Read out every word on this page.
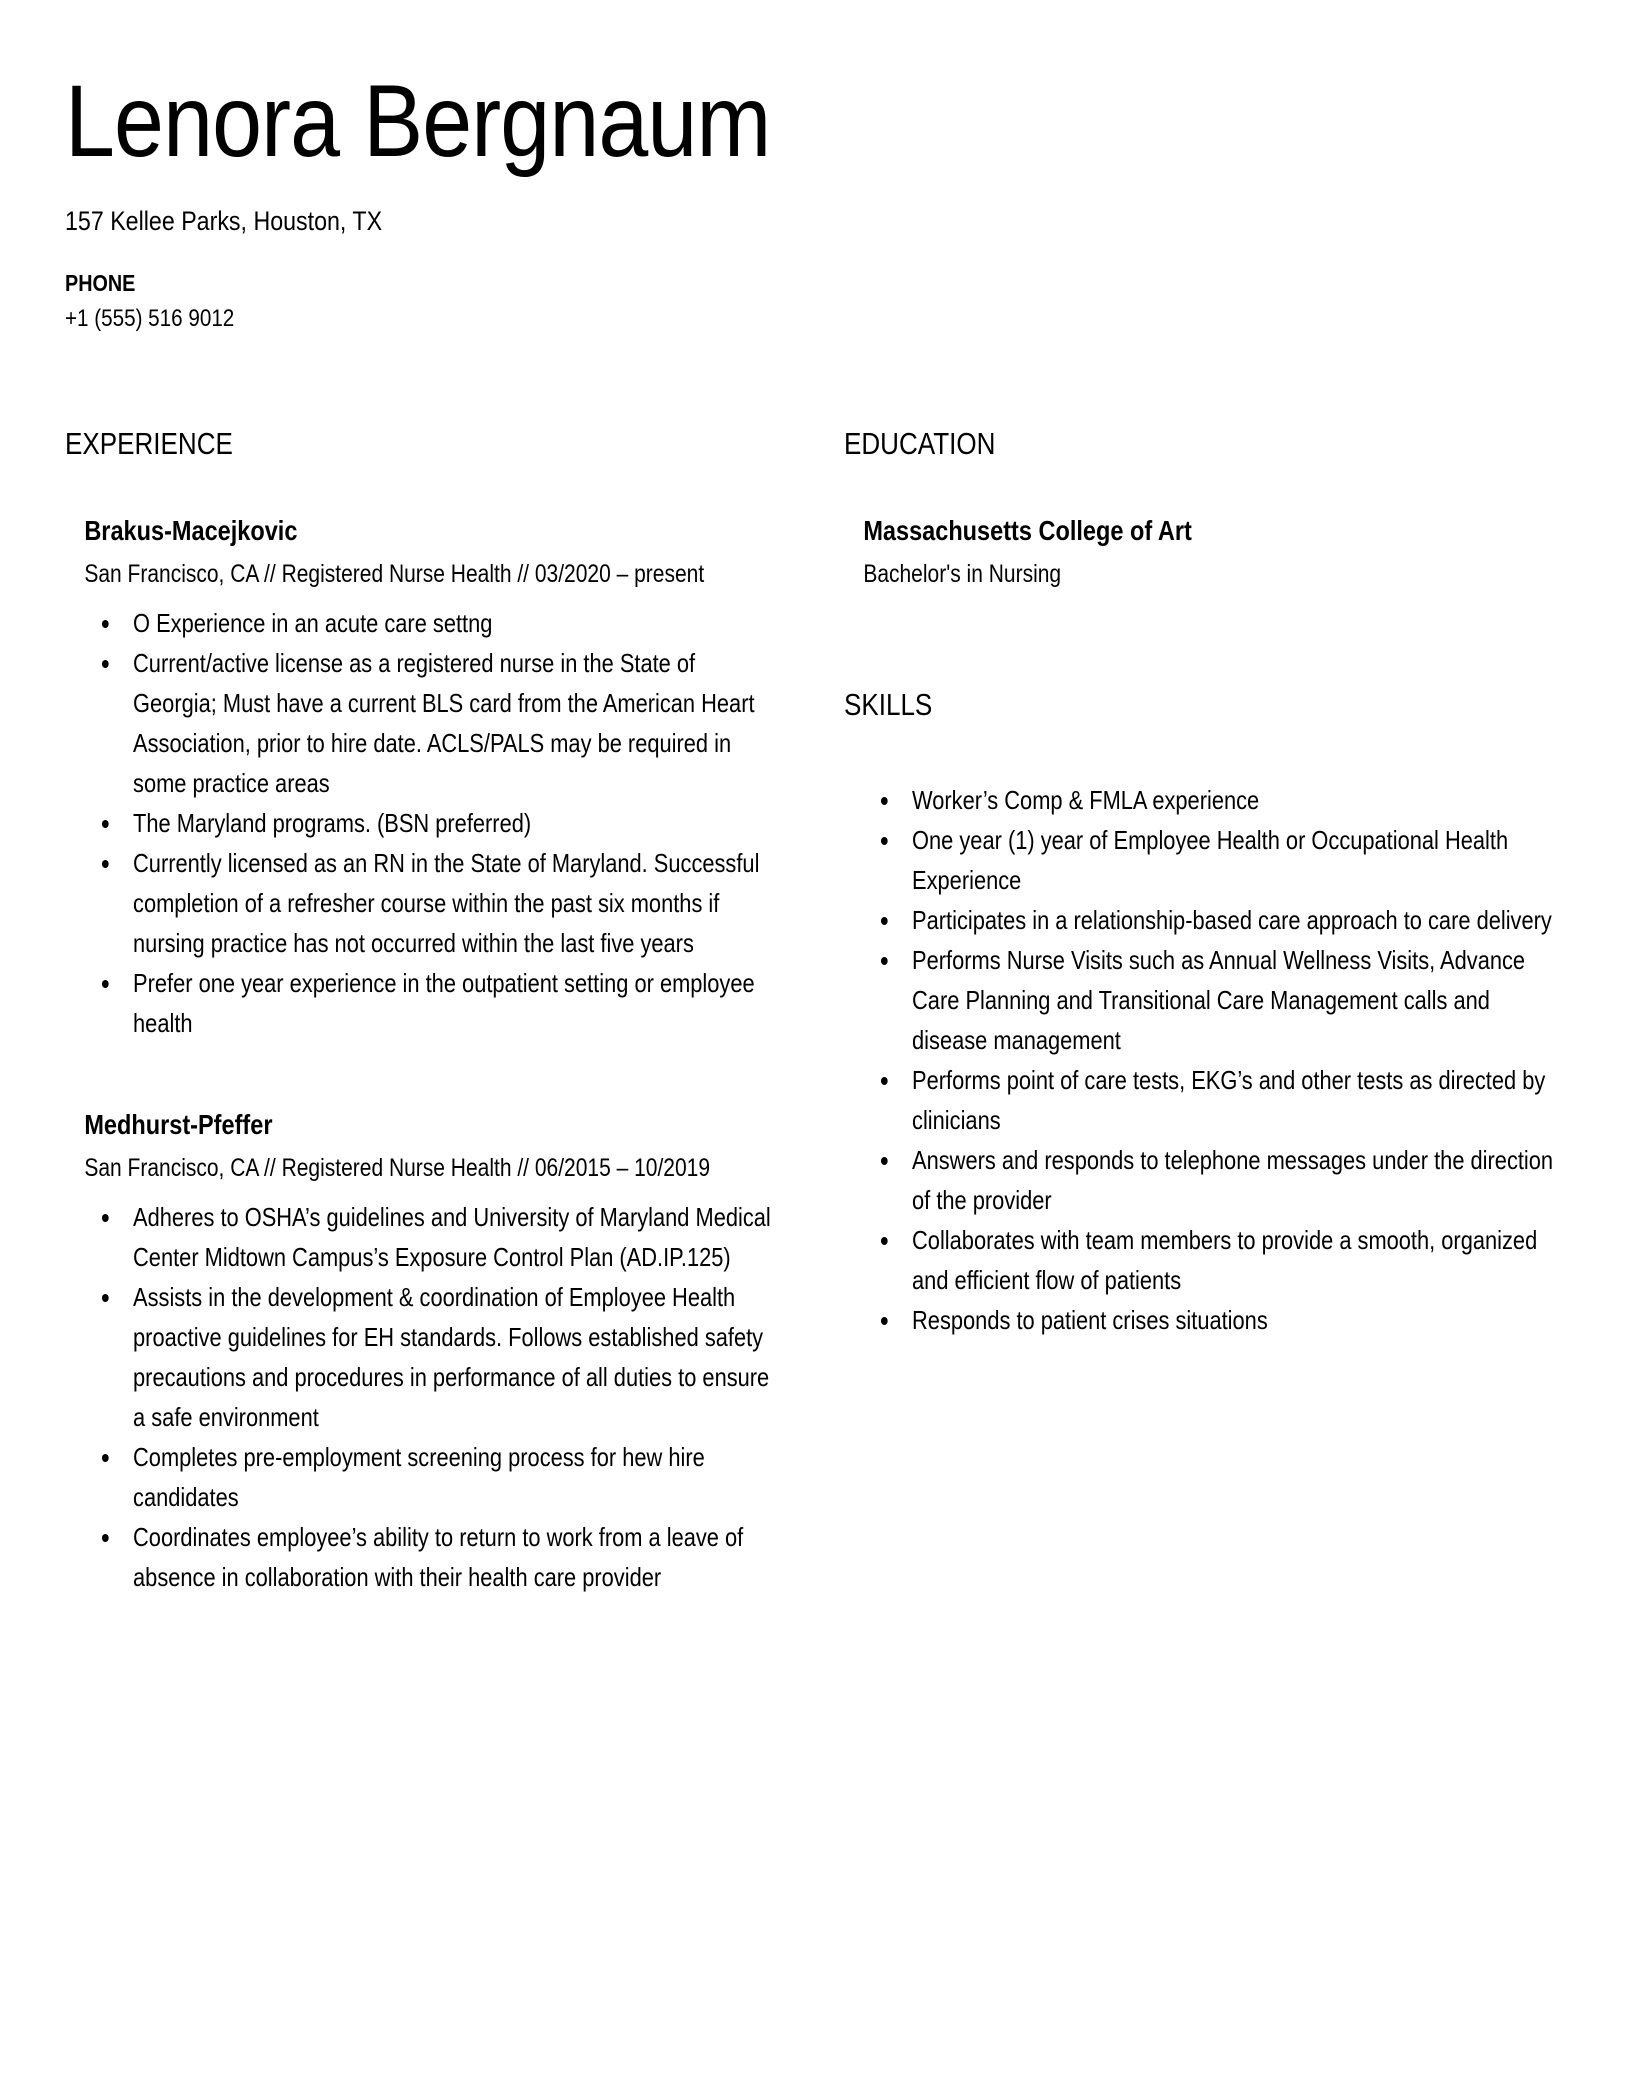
Lenora Bergnaum
157 Kellee Parks, Houston, TX
PHONE
+1 (555) 516 9012
EXPERIENCE
Brakus-Macejkovic

San Francisco, CA // Registered Nurse Health // 03/2020 – present

O Experience in an acute care settng
Current/active license as a registered nurse in the State of Georgia; Must have a current BLS card from the American Heart Association, prior to hire date. ACLS/PALS may be required in some practice areas
The Maryland programs. (BSN preferred)
Currently licensed as an RN in the State of Maryland. Successful completion of a refresher course within the past six months if nursing practice has not occurred within the last five years
Prefer one year experience in the outpatient setting or employee health
Medhurst-Pfeffer

San Francisco, CA // Registered Nurse Health // 06/2015 – 10/2019

Adheres to OSHA’s guidelines and University of Maryland Medical Center Midtown Campus’s Exposure Control Plan (AD.IP.125)
Assists in the development & coordination of Employee Health proactive guidelines for EH standards. Follows established safety precautions and procedures in performance of all duties to ensure a safe environment
Completes pre-employment screening process for hew hire candidates
Coordinates employee’s ability to return to work from a leave of absence in collaboration with their health care provider
EDUCATION
Massachusetts College of Art

Bachelor's in Nursing

SKILLS
Worker’s Comp & FMLA experience
One year (1) year of Employee Health or Occupational Health Experience
Participates in a relationship-based care approach to care delivery
Performs Nurse Visits such as Annual Wellness Visits, Advance Care Planning and Transitional Care Management calls and disease management
Performs point of care tests, EKG’s and other tests as directed by clinicians
Answers and responds to telephone messages under the direction of the provider
Collaborates with team members to provide a smooth, organized and efficient flow of patients
Responds to patient crises situations
